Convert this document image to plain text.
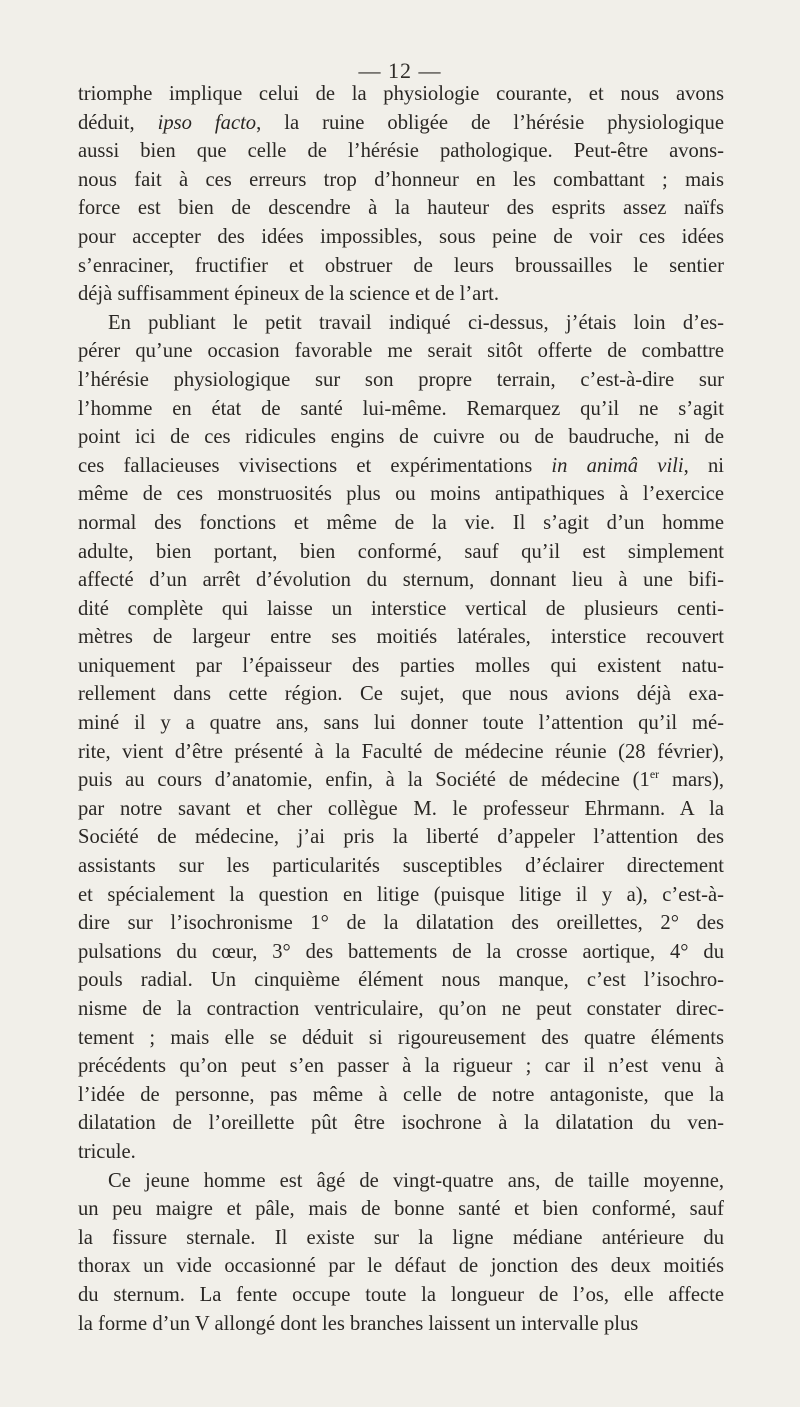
— 12 —
triomphe implique celui de la physiologie courante, et nous avons
déduit, ipso facto, la ruine obligée de l’hérésie physiologique
aussi bien que celle de l’hérésie pathologique. Peut-être avons-
nous fait à ces erreurs trop d’honneur en les combattant ; mais
force est bien de descendre à la hauteur des esprits assez naïfs
pour accepter des idées impossibles, sous peine de voir ces idées
s’enraciner, fructifier et obstruer de leurs broussailles le sentier
déjà suffisamment épineux de la science et de l’art.
En publiant le petit travail indiqué ci-dessus, j’étais loin d’es-
pérer qu’une occasion favorable me serait sitôt offerte de combattre
l’hérésie physiologique sur son propre terrain, c’est-à-dire sur
l’homme en état de santé lui-même. Remarquez qu’il ne s’agit
point ici de ces ridicules engins de cuivre ou de baudruche, ni de
ces fallacieuses vivisections et expérimentations in animâ vili, ni
même de ces monstruosités plus ou moins antipathiques à l’exercice
normal des fonctions et même de la vie. Il s’agit d’un homme
adulte, bien portant, bien conformé, sauf qu’il est simplement
affecté d’un arrêt d’évolution du sternum, donnant lieu à une bifi-
dité complète qui laisse un interstice vertical de plusieurs centi-
mètres de largeur entre ses moitiés latérales, interstice recouvert
uniquement par l’épaisseur des parties molles qui existent natu-
rellement dans cette région. Ce sujet, que nous avions déjà exa-
miné il y a quatre ans, sans lui donner toute l’attention qu’il mé-
rite, vient d’être présenté à la Faculté de médecine réunie (28 février),
puis au cours d’anatomie, enfin, à la Société de médecine (1er mars),
par notre savant et cher collègue M. le professeur Ehrmann. A la
Société de médecine, j’ai pris la liberté d’appeler l’attention des
assistants sur les particularités susceptibles d’éclairer directement
et spécialement la question en litige (puisque litige il y a), c’est-à-
dire sur l’isochronisme 1° de la dilatation des oreillettes, 2° des
pulsations du cœur, 3° des battements de la crosse aortique, 4° du
pouls radial. Un cinquième élément nous manque, c’est l’isochro-
nisme de la contraction ventriculaire, qu’on ne peut constater direc-
tement ; mais elle se déduit si rigoureusement des quatre éléments
précédents qu’on peut s’en passer à la rigueur ; car il n’est venu à
l’idée de personne, pas même à celle de notre antagoniste, que la
dilatation de l’oreillette pût être isochrone à la dilatation du ven-
tricule.
Ce jeune homme est âgé de vingt-quatre ans, de taille moyenne,
un peu maigre et pâle, mais de bonne santé et bien conformé, sauf
la fissure sternale. Il existe sur la ligne médiane antérieure du
thorax un vide occasionné par le défaut de jonction des deux moitiés
du sternum. La fente occupe toute la longueur de l’os, elle affecte
la forme d’un V allongé dont les branches laissent un intervalle plus
